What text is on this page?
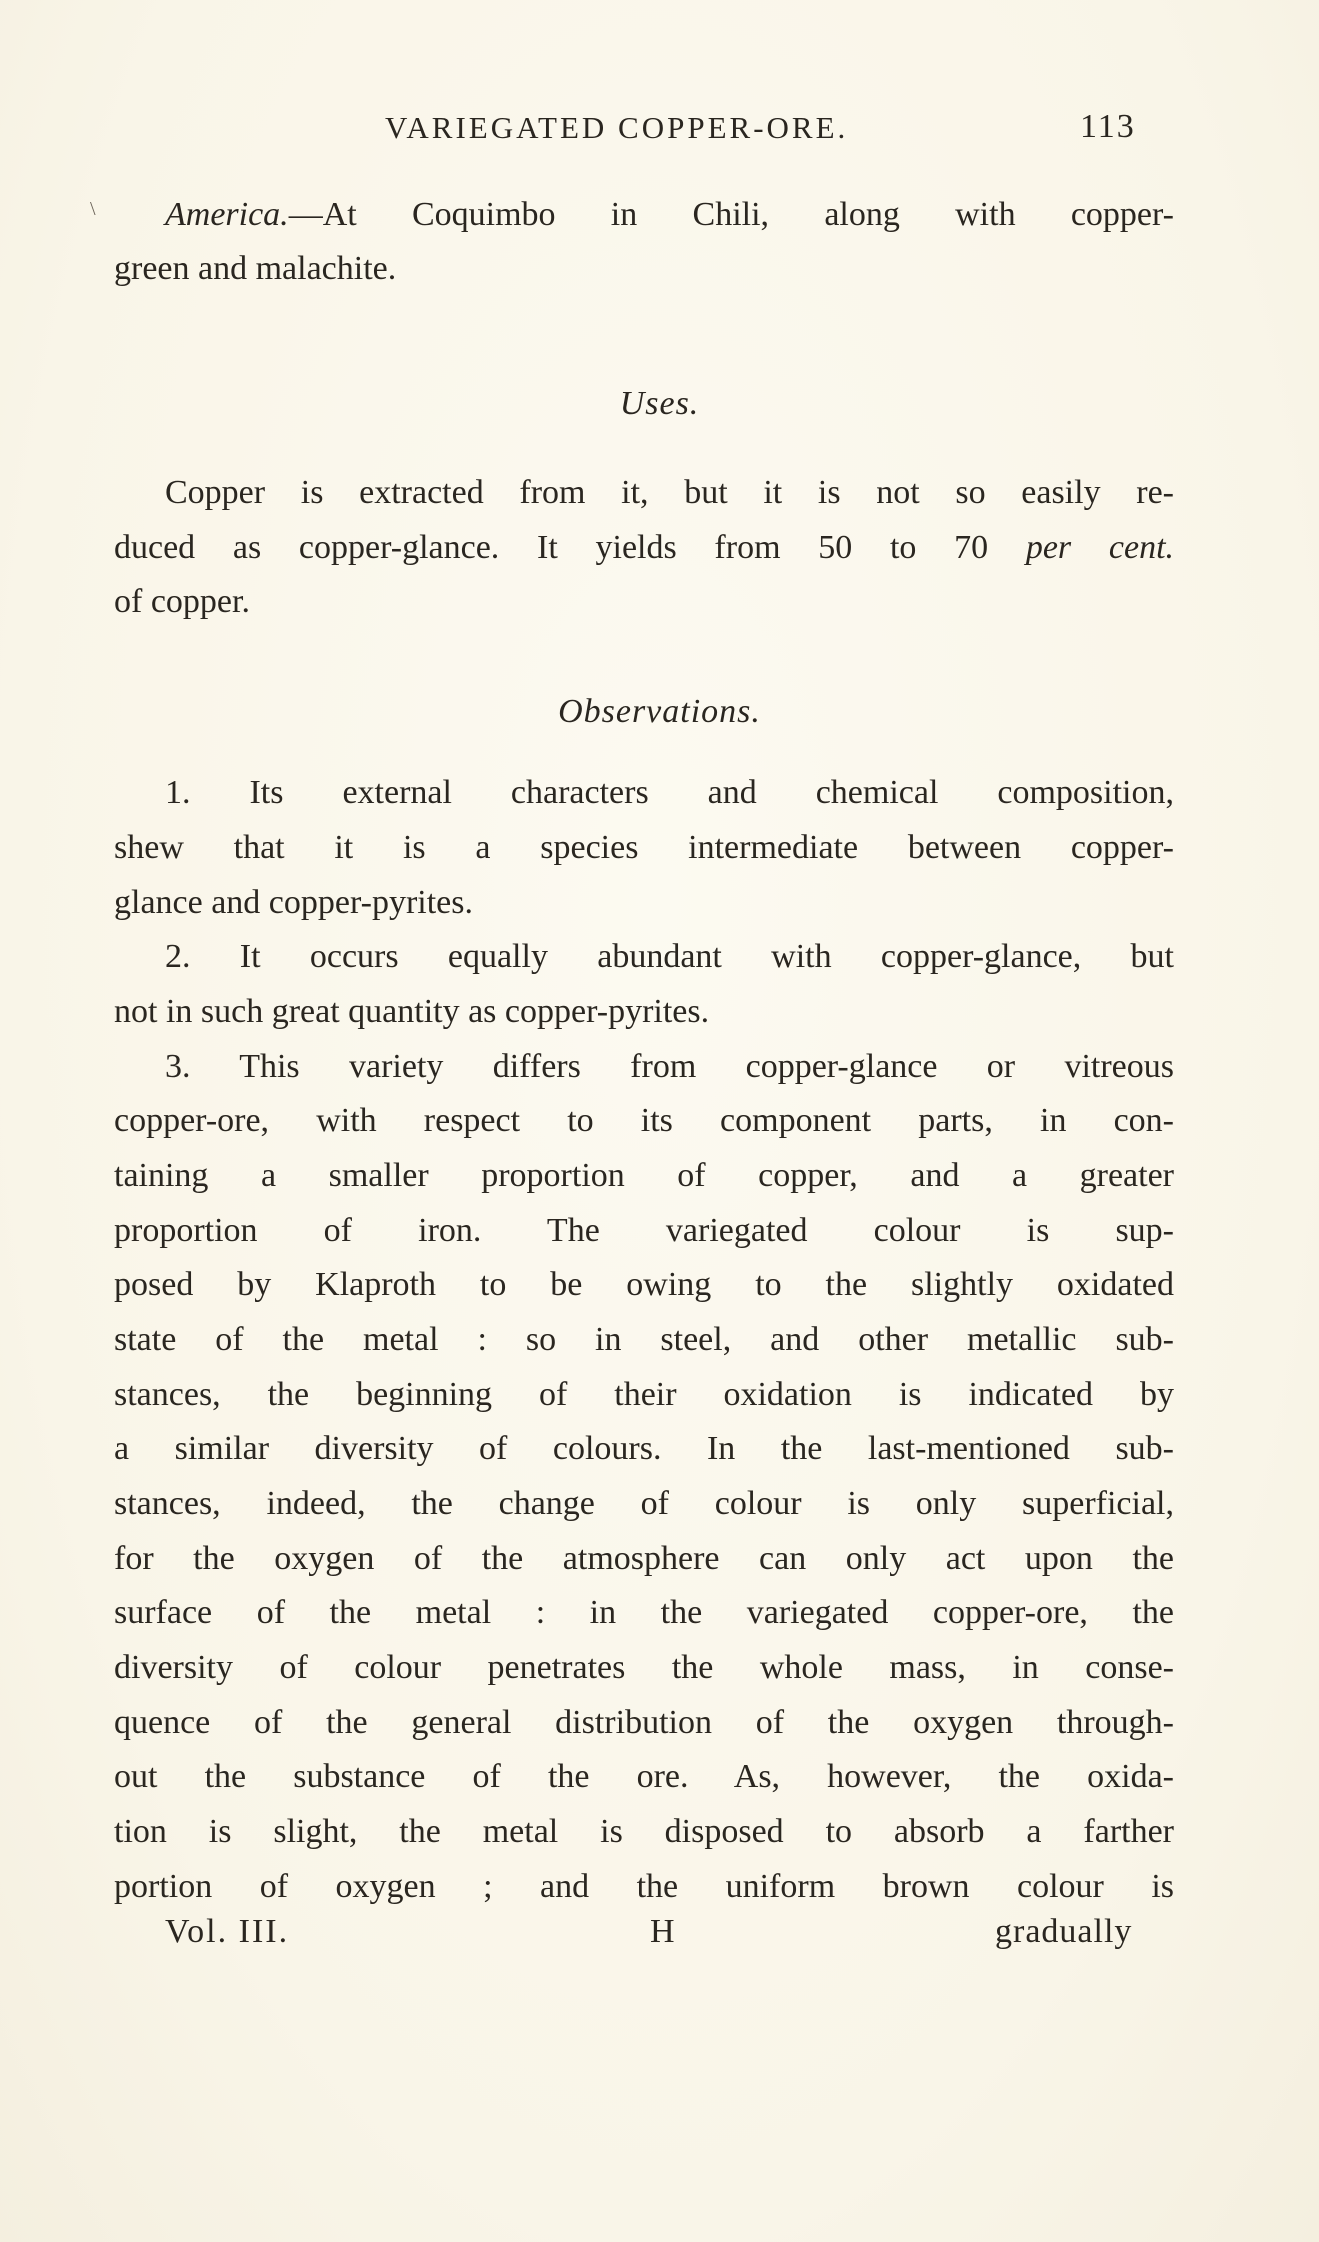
VARIEGATED COPPER-ORE.	113
\ America.—At Coquimbo in Chili, along with copper-
green and malachite.
Uses.
Copper is extracted from it, but it is not so easily re-
duced as copper-glance. It yields from 50 to 70 per cent.
of copper.
Observations.
1. Its external characters and chemical composition,
shew that it is a species intermediate between copper-
glance and copper-pyrites.
2. It occurs equally abundant with copper-glance, but
not in such great quantity as copper-pyrites.
3. This variety differs from copper-glance or vitreous
copper-ore, with respect to its component parts, in con-
taining a smaller proportion of copper, and a greater
proportion of iron. The variegated colour is sup-
posed by Klaproth to be owing to the slightly oxidated
state of the metal : so in steel, and other metallic sub-
stances, the beginning of their oxidation is indicated by
a similar diversity of colours. In the last-mentioned sub-
stances, indeed, the change of colour is only superficial,
for the oxygen of the atmosphere can only act upon the
surface of the metal : in the variegated copper-ore, the
diversity of colour penetrates the whole mass, in conse-
quence of the general distribution of the oxygen through-
out the substance of the ore. As, however, the oxida-
tion is slight, the metal is disposed to absorb a farther
portion of oxygen ; and the uniform brown colour is
Vol. III.	H	gradually
